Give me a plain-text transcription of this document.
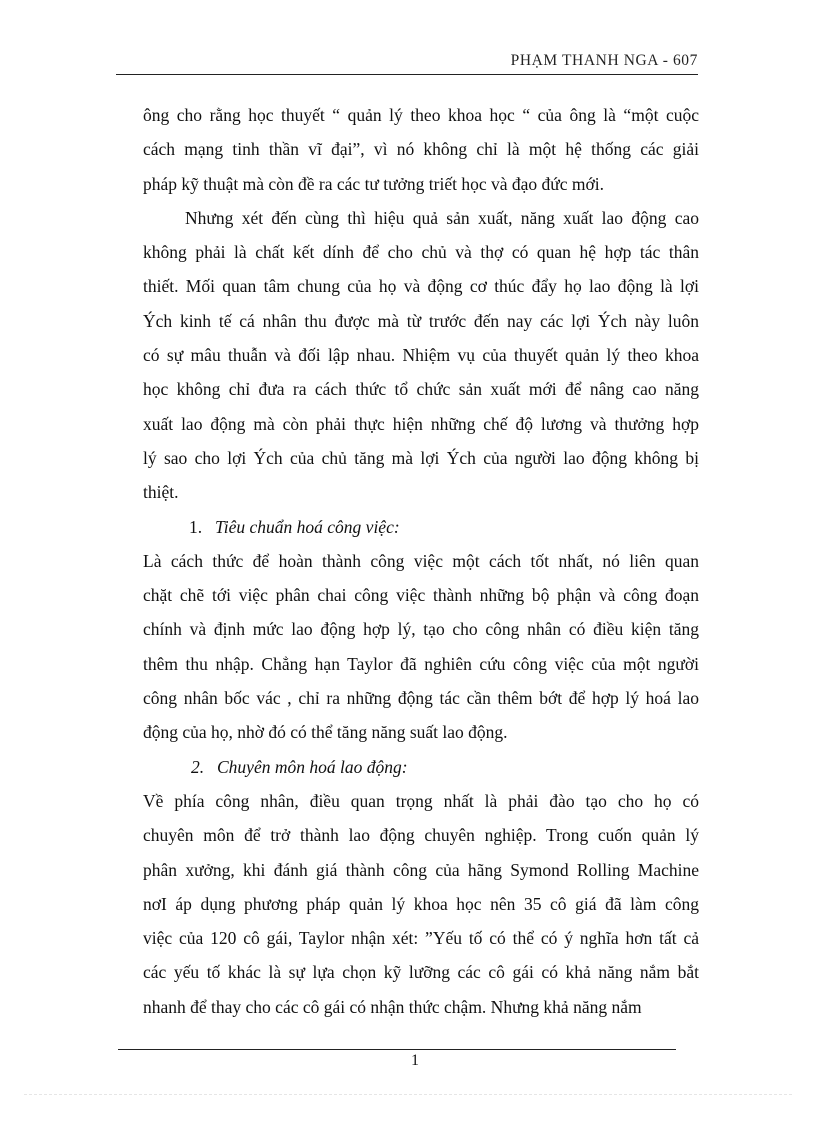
PHẠM THANH NGA - 607
ông cho rằng học thuyết “ quản lý theo khoa học “ của ông là “một cuộc
cách mạng tinh thần vĩ đại”, vì nó không chỉ là một hệ thống các giải
pháp kỹ thuật mà còn đề ra các tư tưởng triết học và đạo đức mới.
Nhưng xét đến cùng thì hiệu quả sản xuất, năng xuất lao động cao
không phải là chất kết dính để cho chủ và thợ có quan hệ hợp tác thân
thiết. Mối quan tâm chung của họ và động cơ thúc đẩy họ lao động là lợi
Ých kinh tế cá nhân thu được mà từ trước đến nay các lợi Ých này luôn
có sự mâu thuẫn và đối lập nhau. Nhiệm vụ của thuyết quản lý theo khoa
học không chỉ đưa ra cách thức tổ chức sản xuất mới để nâng cao năng
xuất lao động mà còn phải thực hiện những chế độ lương và thưởng hợp
lý sao cho lợi Ých của chủ tăng mà lợi Ých của người lao động không bị
thiệt.
1. Tiêu chuẩn hoá công việc:
Là cách thức để hoàn thành công việc một cách tốt nhất, nó liên quan
chặt chẽ tới việc phân chai công việc thành những bộ phận và công đoạn
chính và định mức lao động hợp lý, tạo cho công nhân có điều kiện tăng
thêm thu nhập. Chẳng hạn Taylor đã nghiên cứu công việc của một người
công nhân bốc vác , chỉ ra những động tác cần thêm bớt để hợp lý hoá lao
động của họ, nhờ đó có thể tăng năng suất lao động.
2. Chuyên môn hoá lao động:
Về phía công nhân, điều quan trọng nhất là phải đào tạo cho họ có
chuyên môn để trở thành lao động chuyên nghiệp. Trong cuốn quản lý
phân xưởng, khi đánh giá thành công của hãng Symond Rolling Machine
nơI áp dụng phương pháp quản lý khoa học nên 35 cô giá đã làm công
việc của 120 cô gái, Taylor nhận xét: ”Yếu tố có thể có ý nghĩa hơn tất cả
các yếu tố khác là sự lựa chọn kỹ lưỡng các cô gái có khả năng nắm bắt
nhanh để thay cho các cô gái có nhận thức chậm. Nhưng khả năng nắm
1
